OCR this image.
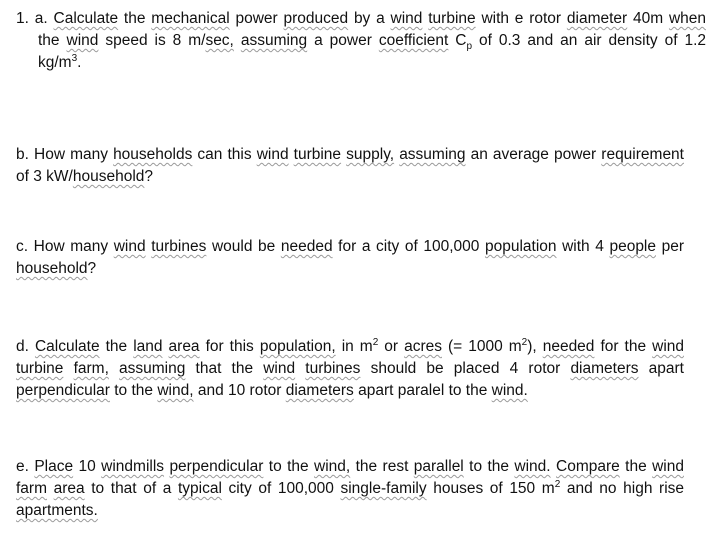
1. a. Calculate the mechanical power produced by a wind turbine with e rotor diameter 40m when the wind speed is 8 m/sec, assuming a power coefficient $C_p$ of 0.3 and an air density of 1.2 $kg/m^3$.

b. How many households can this wind turbine supply, assuming an average power requirement of 3 kW/household?

c. How many wind turbines would be needed for a city of 100,000 population with 4 people per household?

d. Calculate the land area for this population, in $m^2$ or acres (= 1000 $m^2$), needed for the wind turbine farm, assuming that the wind turbines should be placed 4 rotor diameters apart perpendicular to the wind, and 10 rotor diameters apart paralel to the wind.

e. Place 10 windmills perpendicular to the wind, the rest parallel to the wind. Compare the wind farm area to that of a typical city of 100,000 single-family houses of 150 $m^2$ and no high rise apartments.
